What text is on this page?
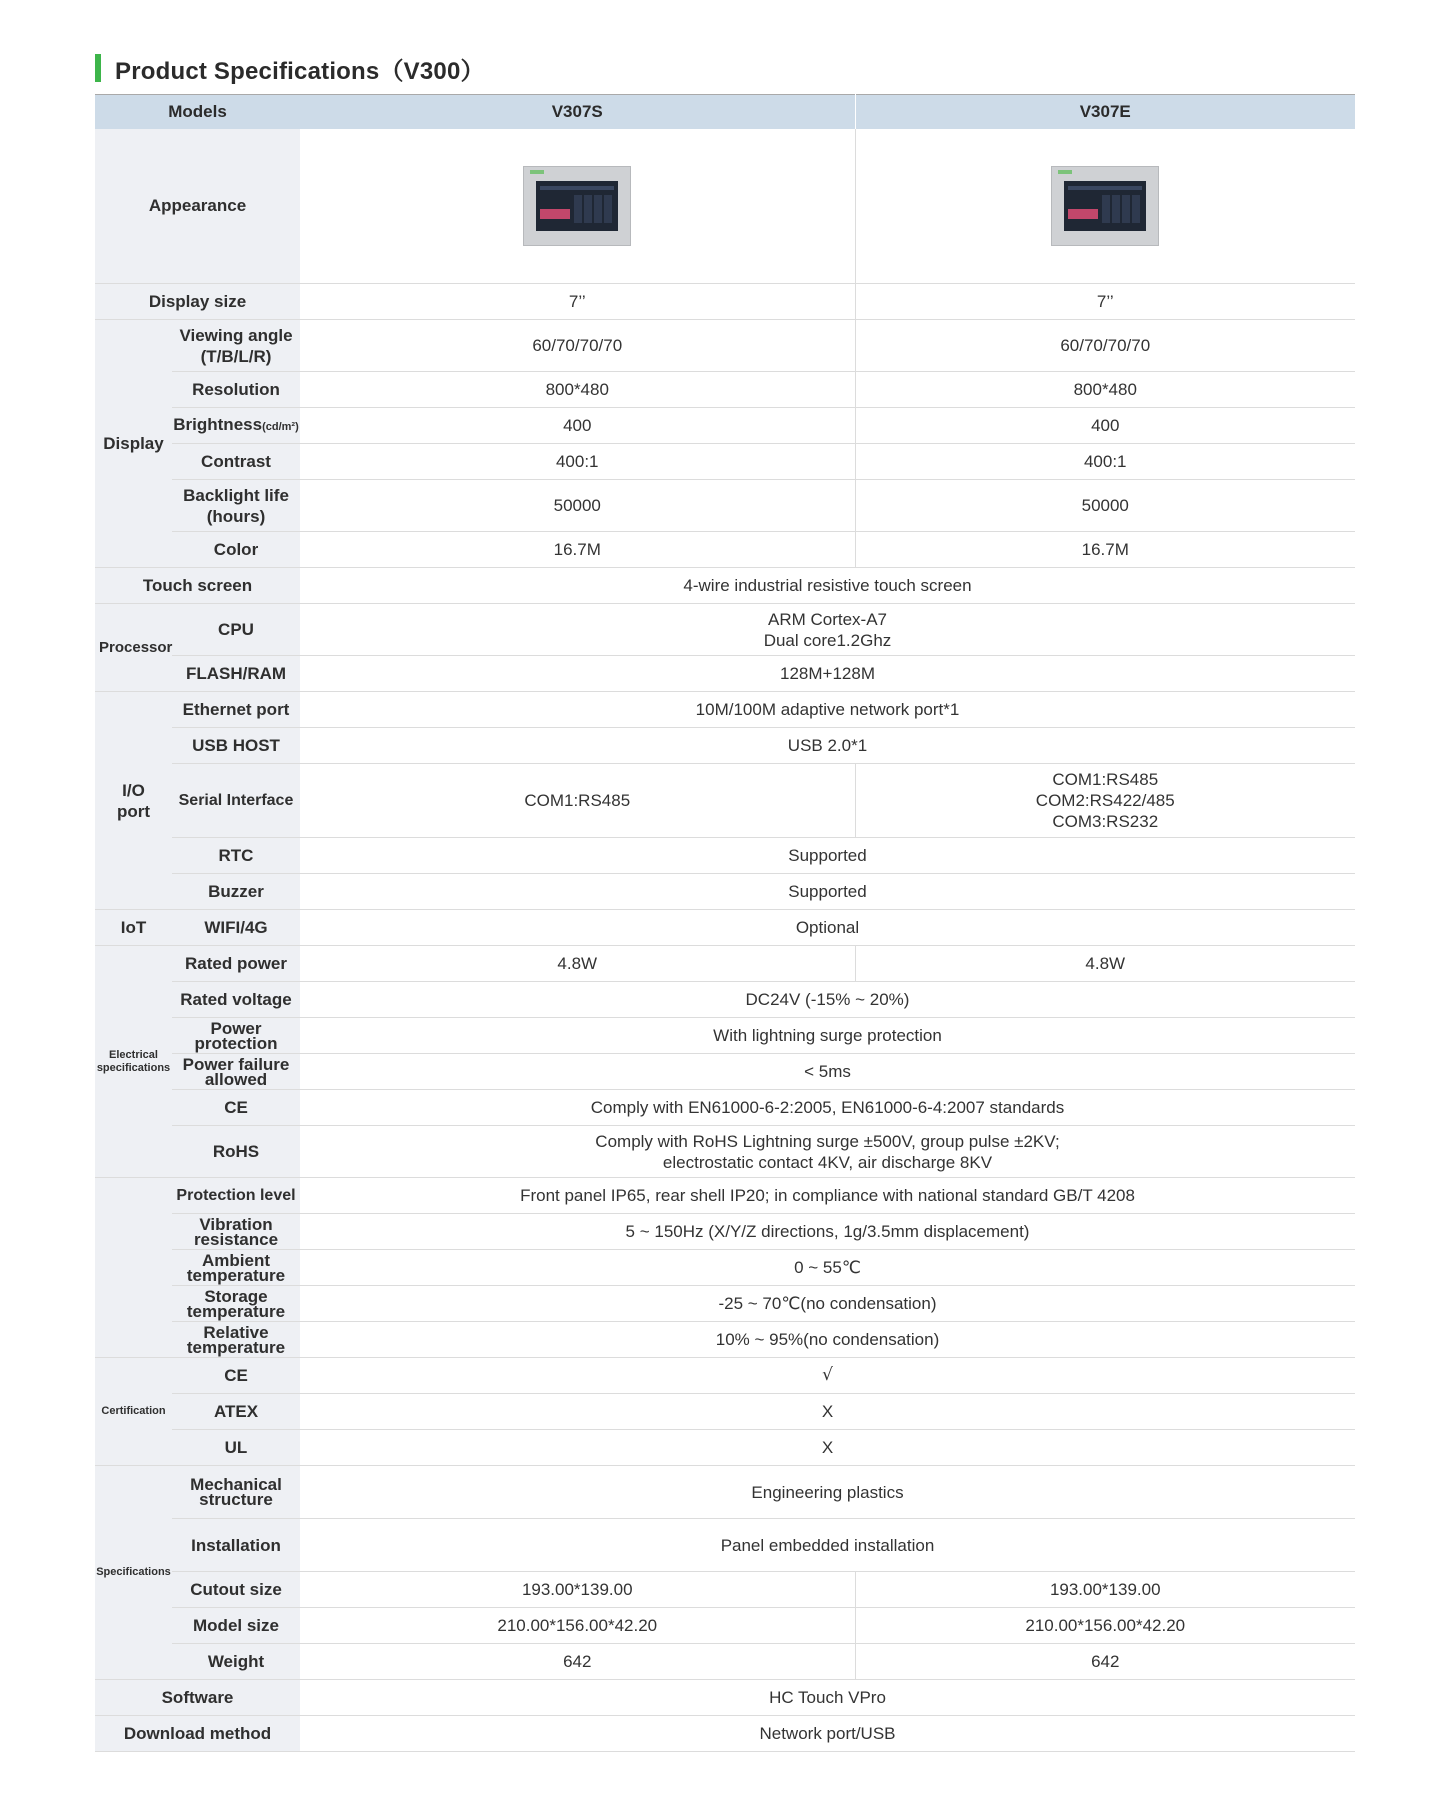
Product Specifications（V300）
Models		V307S	V307E
Appearance		

Display size		7’’	7’’
Display	Viewing angle (T/B/L/R)	60/70/70/70	60/70/70/70
	Resolution	800*480	800*480
	Brightness(cd/m²)	400	400
	Contrast	400:1	400:1
	Backlight life (hours)	50000	50000
	Color	16.7M	16.7M
Touch screen		4-wire industrial resistive touch screen	
Processor	CPU	ARM Cortex-A7
Dual core1.2Ghz	

	FLASH/RAM	128M+128M	
I/O port	Ethernet port	10M/100M adaptive network port*1	
	USB HOST	USB 2.0*1	
	Serial Interface	COM1:RS485	COM1:RS485
COM2:RS422/485
COM3:RS232

	RTC	Supported	
	Buzzer	Supported	
IoT	WIFI/4G	Optional	
Electrical specifications	Rated power	4.8W	4.8W
	Rated voltage	DC24V (-15% ~ 20%)	
	Power protection	With lightning surge protection	
	Power failure allowed	< 5ms	
	CE	Comply with EN61000-6-2:2005, EN61000-6-4:2007 standards	
	RoHS	Comply with RoHS Lightning surge ±500V, group pulse ±2KV;
electrostatic contact 4KV, air discharge 8KV	

	Protection level	Front panel IP65, rear shell IP20; in compliance with national standard GB/T 4208	
	Vibration resistance	5 ~ 150Hz (X/Y/Z directions, 1g/3.5mm displacement)	
	Ambient temperature	0 ~ 55℃	
	Storage temperature	-25 ~ 70℃(no condensation)	
	Relative temperature	10% ~ 95%(no condensation)	
Certification	CE	√	
	ATEX	X	
	UL	X	
Specifications	Mechanical structure	Engineering plastics	
	Installation	Panel embedded installation	
	Cutout size	193.00*139.00	193.00*139.00
	Model size	210.00*156.00*42.20	210.00*156.00*42.20
	Weight	642	642
Software		HC Touch VPro	
Download method		Network port/USB	
